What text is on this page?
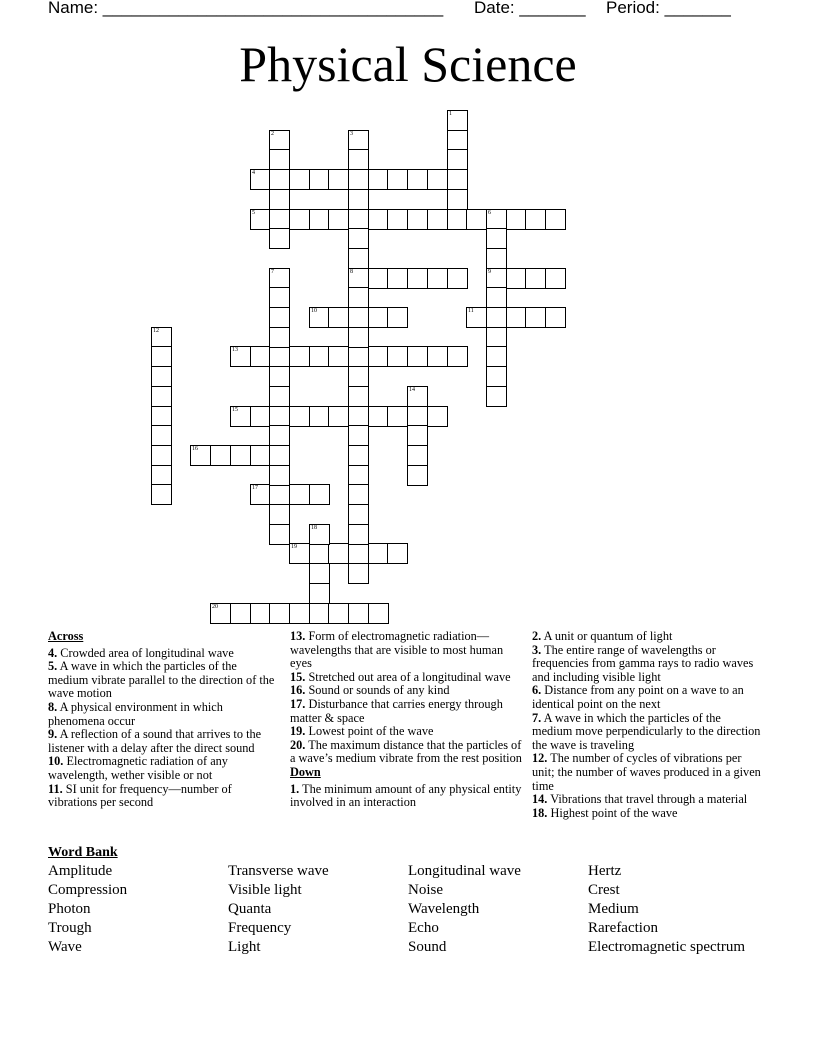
Name: ____________________________________ Date: _______ Period: _______
Physical Science
4
5	6
8	9
10	11
13
15
16
17
19
20
1
2	3
7
12
14
18
Across
4. Crowded area of longitudinal wave
5. A wave in which the particles of the medium vibrate parallel to the direction of the wave motion
8. A physical environment in which phenomena occur
9. A reflection of a sound that arrives to the listener with a delay after the direct sound
10. Electromagnetic radiation of any wavelength, wether visible or not
11. SI unit for frequency—number of vibrations per second
13. Form of electromagnetic radiation—wavelengths that are visible to most human eyes
15. Stretched out area of a longitudinal wave
16. Sound or sounds of any kind
17. Disturbance that carries energy through matter & space
19. Lowest point of the wave
20. The maximum distance that the particles of a wave’s medium vibrate from the rest position
Down
1. The minimum amount of any physical entity involved in an interaction
2. A unit or quantum of light
3. The entire range of wavelengths or frequencies from gamma rays to radio waves and including visible light
6. Distance from any point on a wave to an identical point on the next
7. A wave in which the particles of the medium move perpendicularly to the direction the wave is traveling
12. The number of cycles of vibrations per unit; the number of waves produced in a given time
14. Vibrations that travel through a material
18. Highest point of the wave
Word Bank
Amplitude	Transverse wave	Longitudinal wave	Hertz
Compression	Visible light	Noise	Crest
Photon	Quanta	Wavelength	Medium
Trough	Frequency	Echo	Rarefaction
Wave	Light	Sound	Electromagnetic spectrum
